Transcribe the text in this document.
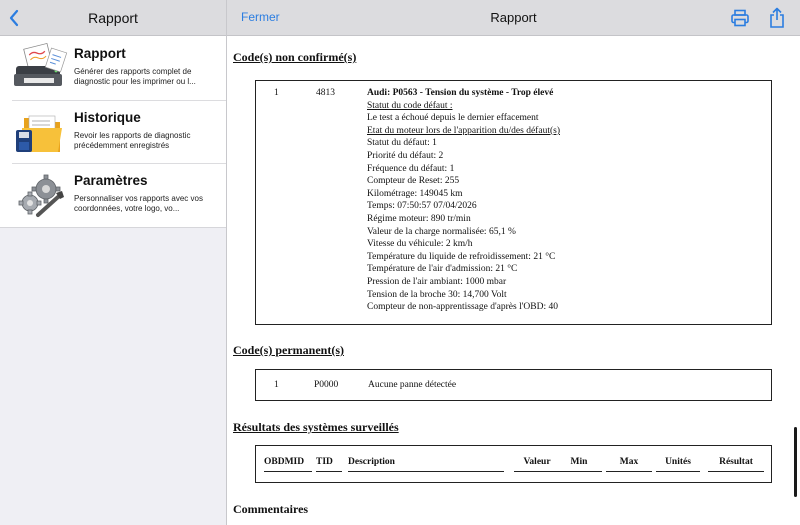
Rapport
Rapport
Générer des rapports complet de diagnostic pour les imprimer ou l...
Historique
Revoir les rapports de diagnostic précédemment enregistrés
Paramètres
Personnaliser vos rapports avec vos coordonnées, votre logo, vo...
Fermer	Rapport
Code(s) non confirmé(s)
1	4813	Audi: P0563 - Tension du système - Trop élevé
Statut du code défaut :
Le test a échoué depuis le dernier effacement
Etat du moteur lors de l'apparition du/des défaut(s)
Statut du défaut: 1
Priorité du défaut: 2
Fréquence du défaut: 1
Compteur de Reset: 255
Kilométrage: 149045 km
Temps: 07:50:57 07/04/2026
Régime moteur: 890 tr/min
Valeur de la charge normalisée: 65,1 %
Vitesse du véhicule: 2 km/h
Température du liquide de refroidissement: 21 °C
Température de l'air d'admission: 21 °C
Pression de l'air ambiant: 1000 mbar
Tension de la broche 30: 14,700 Volt
Compteur de non-apprentissage d'après l'OBD: 40
Code(s) permanent(s)
1	P0000	Aucune panne détectée
Résultats des systèmes surveillés
OBDMID	TID	Description	Valeur	Min	Max	Unités	Résultat
Commentaires
